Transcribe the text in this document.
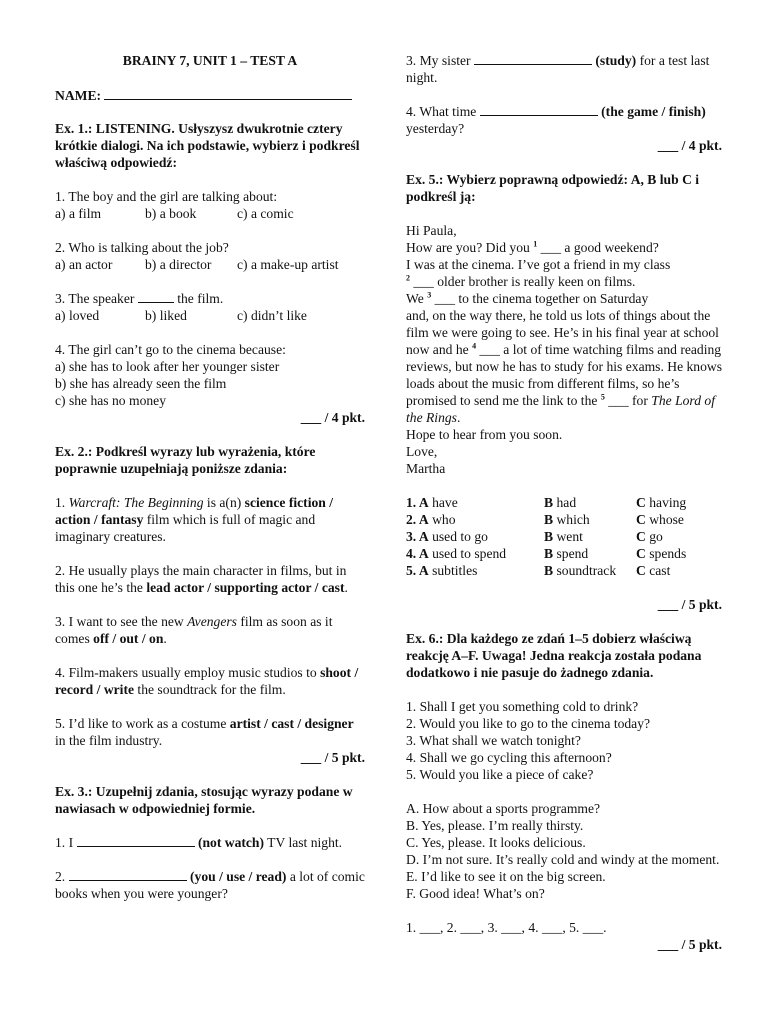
BRAINY 7, UNIT 1 – TEST A

NAME:

Ex. 1.: LISTENING. Usłyszysz dwukrotnie cztery krótkie dialogi. Na ich podstawie, wybierz i podkreśl właściwą odpowiedź:

1. The boy and the girl are talking about:

a) a film	b) a book	c) a comic

2. Who is talking about the job?

a) an actor b) a director c) a make-up artist

3. The speaker	the film.

a) loved	b) liked	c) didn’t like

4. The girl can’t go to the cinema because:

a) she has to look after her younger sister

b) she has already seen the film

c) she has no money

___ / 4 pkt.

Ex. 2.: Podkreśl wyrazy lub wyrażenia, które poprawnie uzupełniają poniższe zdania:

1. Warcraft: The Beginning is a(n) science fiction / action / fantasy film which is full of magic and imaginary creatures.

2. He usually plays the main character in films, but in this one he’s the lead actor / supporting actor / cast.

3. I want to see the new Avengers film as soon as it comes off / out / on.

4. Film-makers usually employ music studios to shoot / record / write the soundtrack for the film.

5. I’d like to work as a costume artist / cast / designer in the film industry.

___ / 5 pkt.

Ex. 3.: Uzupełnij zdania, stosując wyrazy podane w nawiasach w odpowiedniej formie.

1. I	(not watch) TV last night.

2.	(you / use / read) a lot of comic books when you were younger?

3. My sister	(study) for a test last night.

4. What time	(the game / finish) yesterday?

___ / 4 pkt.

Ex. 5.: Wybierz poprawną odpowiedź: A, B lub C i podkreśl ją:

Hi Paula,

How are you? Did you $^1$ ___ a good weekend?

I was at the cinema. I’ve got a friend in my class

$^2$ ___ older brother is really keen on films.

We $^3$ ___ to the cinema together on Saturday

and, on the way there, he told us lots of things about the film we were going to see. He’s in his final year at school now and he $^4$ ___ a lot of time watching films and reading reviews, but now he has to study for his exams. He knows loads about the music from different films, so he’s promised to send me the link to the $^5$ ___ for The Lord of the Rings.

Hope to hear from you soon.

Love,

Martha

1. A have	B had	C having
2. A who	B which	C whose
3. A used to go	B went	C go
4. A used to spend	B spend	C spends
5. A subtitles	B soundtrack	C cast

___ / 5 pkt.

Ex. 6.: Dla każdego ze zdań 1–5 dobierz właściwą reakcję A–F. Uwaga! Jedna reakcja została podana dodatkowo i nie pasuje do żadnego zdania.

1. Shall I get you something cold to drink?

2. Would you like to go to the cinema today?

3. What shall we watch tonight?

4. Shall we go cycling this afternoon?

5. Would you like a piece of cake?

A. How about a sports programme?

B. Yes, please. I’m really thirsty.

C. Yes, please. It looks delicious.

D. I’m not sure. It’s really cold and windy at the moment.

E. I’d like to see it on the big screen.

F. Good idea! What’s on?

1. ___, 2. ___, 3. ___, 4. ___, 5. ___.

___ / 5 pkt.
